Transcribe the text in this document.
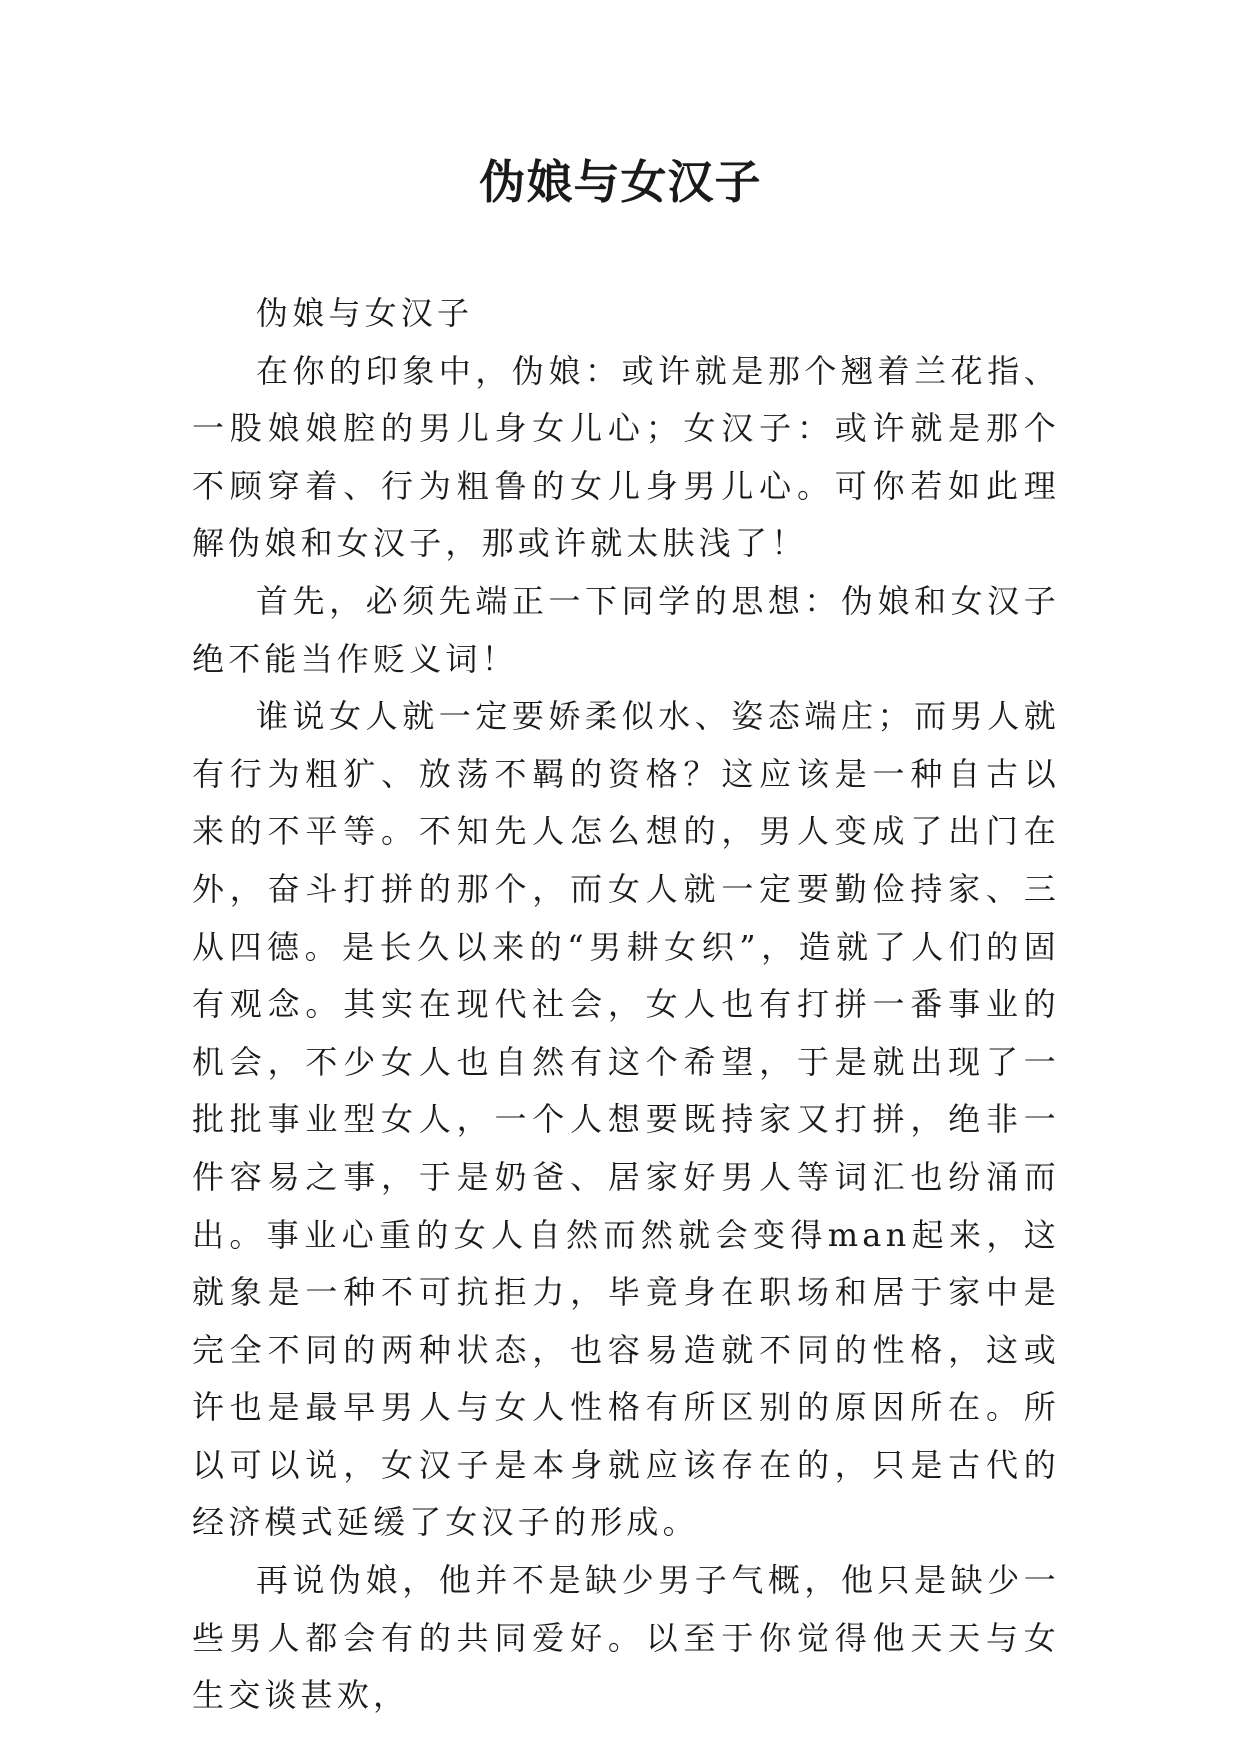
伪娘与女汉子

伪娘与女汉子

在你的印象中，伪娘：或许就是那个翘着兰花指、一股娘娘腔的男儿身女儿心；女汉子：或许就是那个不顾穿着、行为粗鲁的女儿身男儿心。可你若如此理解伪娘和女汉子，那或许就太肤浅了！

首先，必须先端正一下同学的思想：伪娘和女汉子绝不能当作贬义词！

谁说女人就一定要娇柔似水、姿态端庄；而男人就有行为粗犷、放荡不羁的资格？这应该是一种自古以来的不平等。不知先人怎么想的，男人变成了出门在外，奋斗打拼的那个，而女人就一定要勤俭持家、三从四德。是长久以来的“男耕女织”，造就了人们的固有观念。其实在现代社会，女人也有打拼一番事业的机会，不少女人也自然有这个希望，于是就出现了一批批事业型女人，一个人想要既持家又打拼，绝非一件容易之事，于是奶爸、居家好男人等词汇也纷涌而出。事业心重的女人自然而然就会变得man起来，这就象是一种不可抗拒力，毕竟身在职场和居于家中是完全不同的两种状态，也容易造就不同的性格，这或许也是最早男人与女人性格有所区别的原因所在。所以可以说，女汉子是本身就应该存在的，只是古代的经济模式延缓了女汉子的形成。

再说伪娘，他并不是缺少男子气概，他只是缺少一些男人都会有的共同爱好。以至于你觉得他天天与女生交谈甚欢，
